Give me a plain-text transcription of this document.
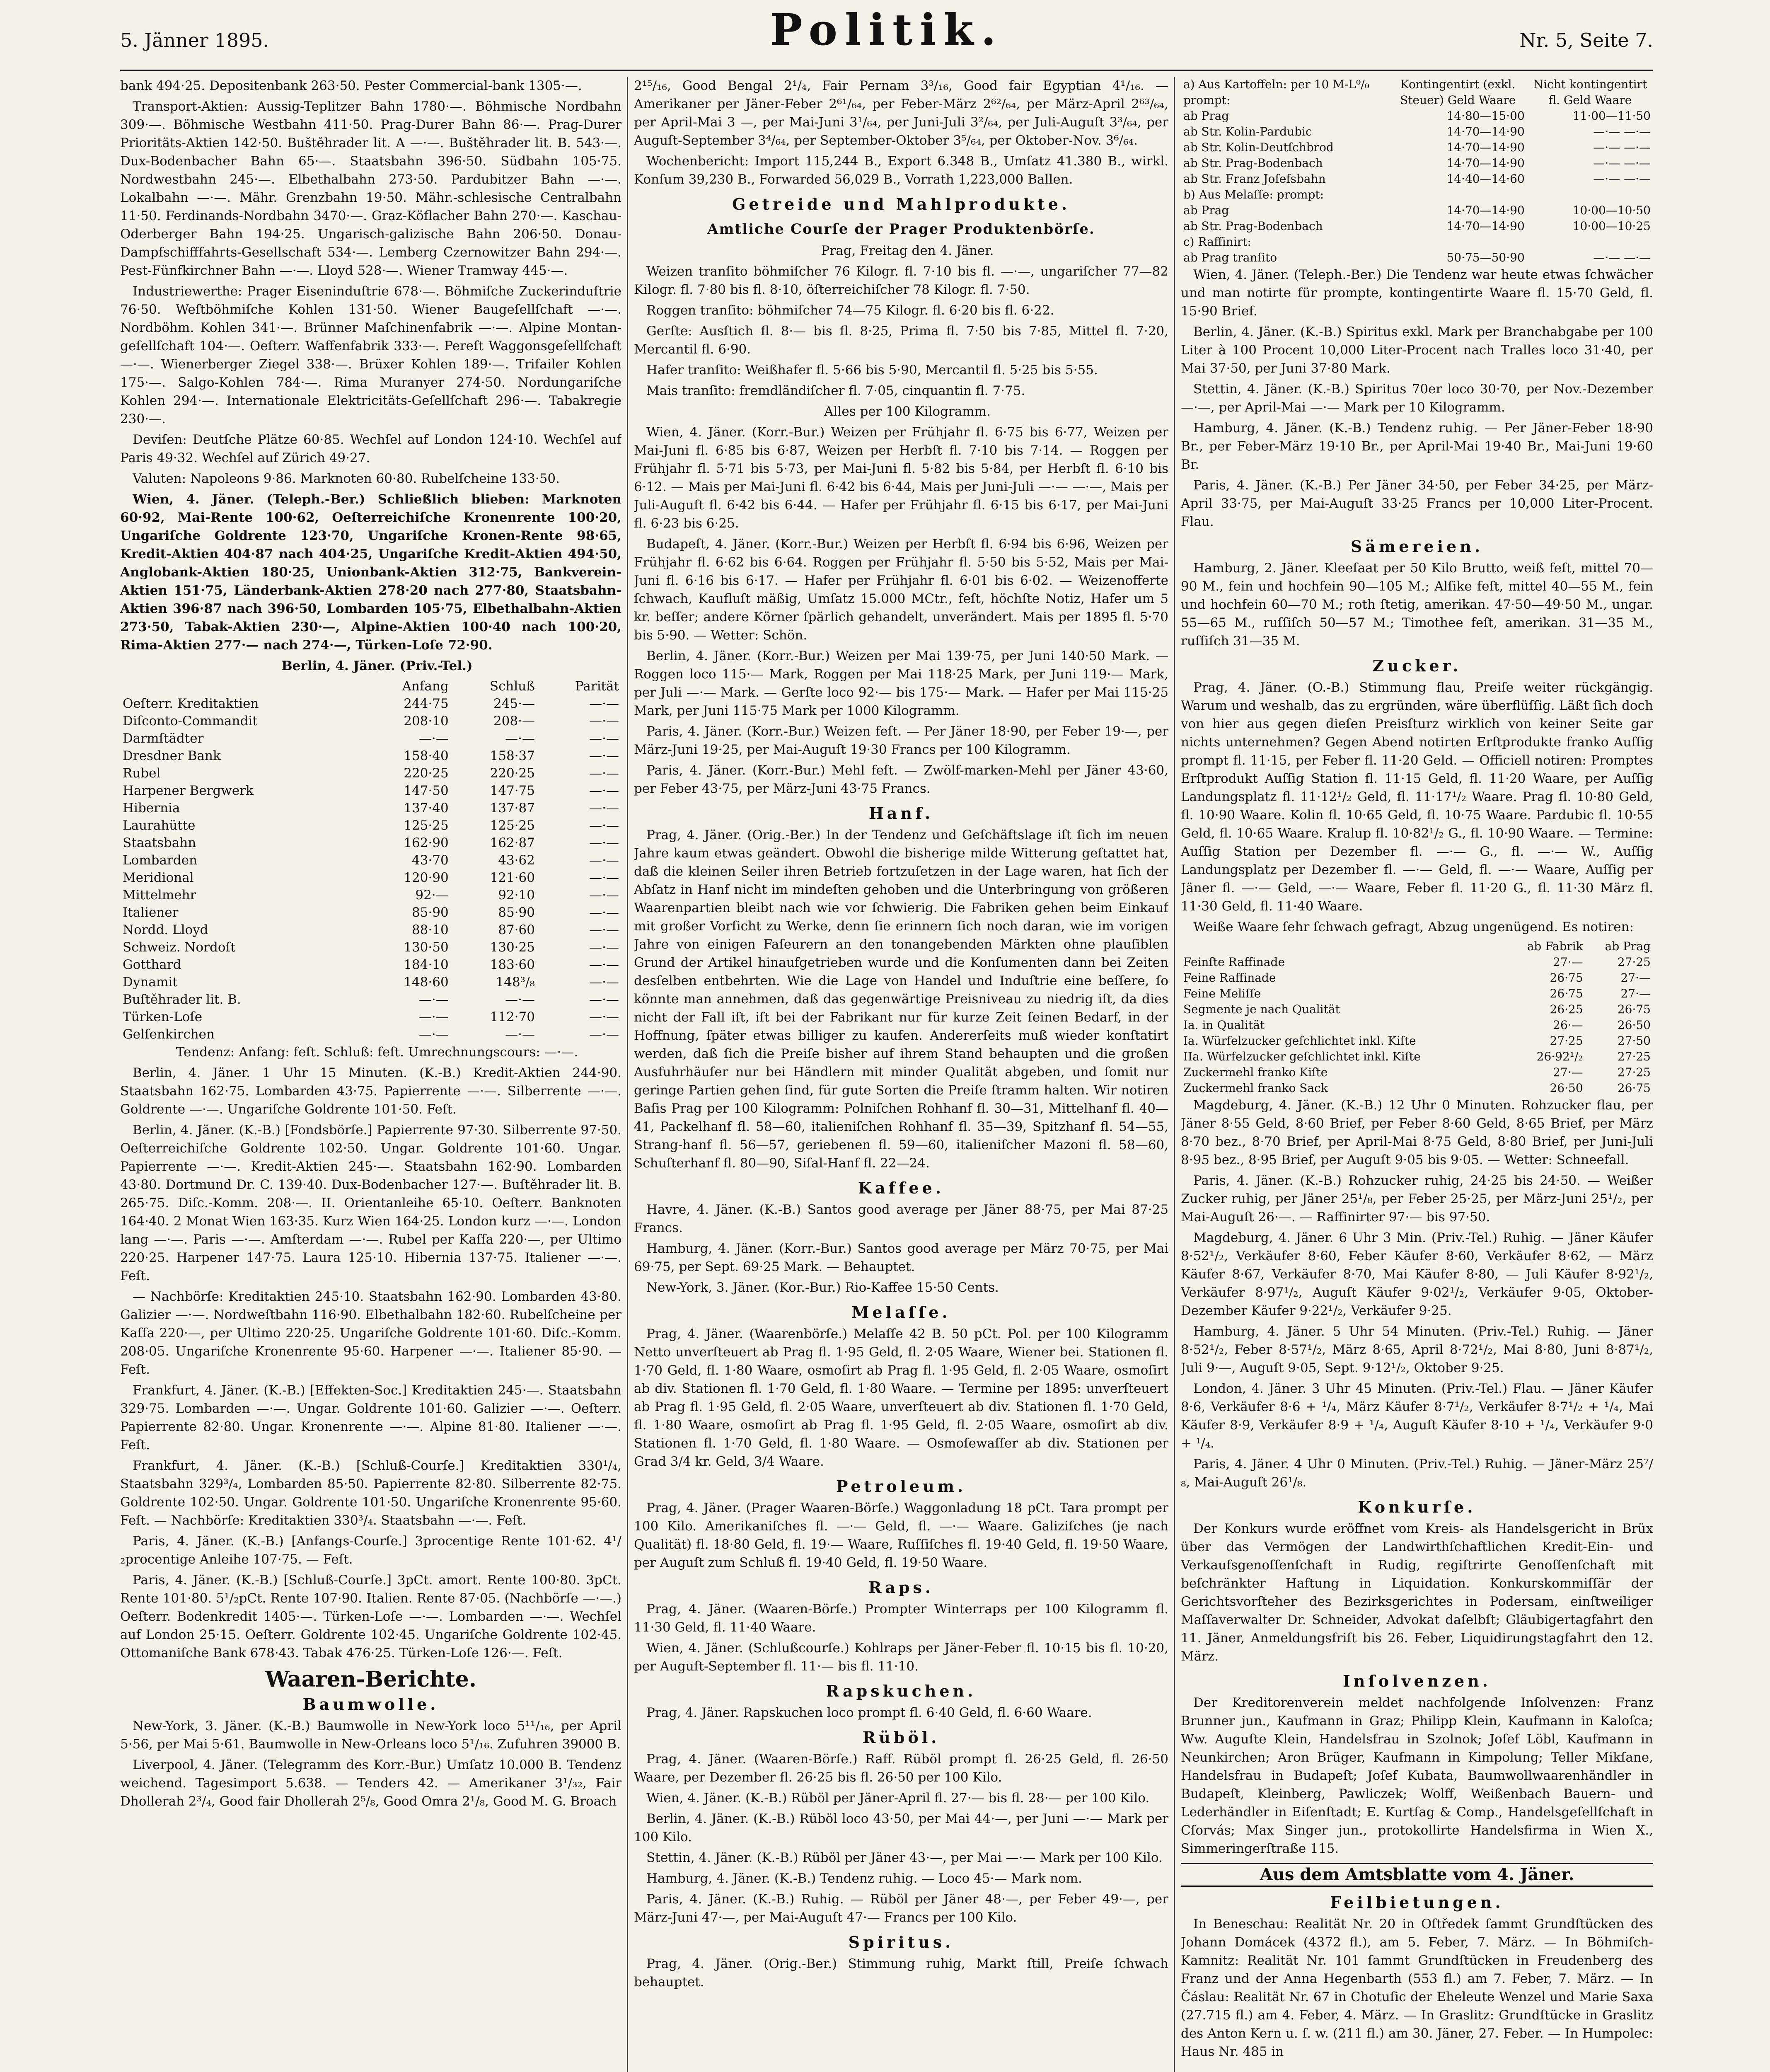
5. Jänner 1895.	Politik.	Nr. 5, Seite 7.

bank 494·25. Depositenbank 263·50. Pester Commercial-bank 1305·—.

Transport-Aktien: Aussig-Teplitzer Bahn 1780·—. Böhmische Nordbahn 309·—. Böhmische Westbahn 411·50. Prag-Durer Bahn 86·—. Prag-Durer Prioritäts-Aktien 142·50. Buštěhrader lit. A —·—. Buštěhrader lit. B. 543·—. Dux-Bodenbacher Bahn 65·—. Staatsbahn 396·50. Südbahn 105·75. Nordwestbahn 245·—. Elbethalbahn 273·50. Pardubitzer Bahn —·—. Lokalbahn —·—. Mähr. Grenzbahn 19·50. Mähr.-schlesische Centralbahn 11·50. Ferdinands-Nordbahn 3470·—. Graz-Köflacher Bahn 270·—. Kaschau-Oderberger Bahn 194·25. Ungarisch-galizische Bahn 206·50. Donau-Dampfschifffahrts-Gesellschaft 534·—. Lemberg Czernowitzer Bahn 294·—. Pest-Fünfkirchner Bahn —·—. Lloyd 528·—. Wiener Tramway 445·—.

Industriewerthe: Prager Eiseninduſtrie 678·—. Böhmiſche Zuckerinduſtrie 76·50. Weſtböhmiſche Kohlen 131·50. Wiener Baugeſellſchaft —·—. Nordböhm. Kohlen 341·—. Brünner Maſchinenfabrik —·—. Alpine Montan-geſellſchaft 104·—. Oeſterr. Waffenfabrik 333·—. Pereſt Waggonsgeſellſchaft —·—. Wienerberger Ziegel 338·—. Brüxer Kohlen 189·—. Trifailer Kohlen 175·—. Salgo-Kohlen 784·—. Rima Muranyer 274·50. Nordungariſche Kohlen 294·—. Internationale Elektricitäts-Geſellſchaft 296·—. Tabakregie 230·—.

Deviſen: Deutſche Plätze 60·85. Wechſel auf London 124·10. Wechſel auf Paris 49·32. Wechſel auf Zürich 49·27.

Valuten: Napoleons 9·86. Marknoten 60·80. Rubelſcheine 133·50.

Wien, 4. Jäner. (Teleph.-Ber.) Schließlich blieben: Marknoten 60·92, Mai-Rente 100·62, Oeſterreichiſche Kronenrente 100·20, Ungariſche Goldrente 123·70, Ungariſche Kronen-Rente 98·65, Kredit-Aktien 404·87 nach 404·25, Ungariſche Kredit-Aktien 494·50, Anglobank-Aktien 180·25, Unionbank-Aktien 312·75, Bankverein-Aktien 151·75, Länderbank-Aktien 278·20 nach 277·80, Staatsbahn-Aktien 396·87 nach 396·50, Lombarden 105·75, Elbethalbahn-Aktien 273·50, Tabak-Aktien 230·—, Alpine-Aktien 100·40 nach 100·20, Rima-Aktien 277·— nach 274·—, Türken-Loſe 72·90.

Berlin, 4. Jäner. (Priv.-Tel.)

	Anfang	Schluß	Parität
Oeſterr. Kreditaktien	244·75	245·—	—·—
Diſconto-Commandit	208·10	208·—	—·—
Darmſtädter	—·—	—·—	—·—
Dresdner Bank	158·40	158·37	—·—
Rubel	220·25	220·25	—·—
Harpener Bergwerk	147·50	147·75	—·—
Hibernia	137·40	137·87	—·—
Laurahütte	125·25	125·25	—·—
Staatsbahn	162·90	162·87	—·—
Lombarden	43·70	43·62	—·—
Meridional	120·90	121·60	—·—
Mittelmehr	92·—	92·10	—·—
Italiener	85·90	85·90	—·—
Nordd. Lloyd	88·10	87·60	—·—
Schweiz. Nordoſt	130·50	130·25	—·—
Gotthard	184·10	183·60	—·—
Dynamit	148·60	148³/₈	—·—
Buſtěhrader lit. B.	—·—	—·—	—·—
Türken-Loſe	—·—	112·70	—·—
Gelſenkirchen	—·—	—·—	—·—

Tendenz: Anfang: feſt. Schluß: feſt. Umrechnungscours: —·—.

Berlin, 4. Jäner. 1 Uhr 15 Minuten. (K.-B.) Kredit-Aktien 244·90. Staatsbahn 162·75. Lombarden 43·75. Papierrente —·—. Silberrente —·—. Goldrente —·—. Ungariſche Goldrente 101·50. Feſt.

Berlin, 4. Jäner. (K.-B.) [Fondsbörſe.] Papierrente 97·30. Silberrente 97·50. Oeſterreichiſche Goldrente 102·50. Ungar. Goldrente 101·60. Ungar. Papierrente —·—. Kredit-Aktien 245·—. Staatsbahn 162·90. Lombarden 43·80. Dortmund Dr. C. 139·40. Dux-Bodenbacher 127·—. Buſtěhrader lit. B. 265·75. Diſc.-Komm. 208·—. II. Orientanleihe 65·10. Oeſterr. Banknoten 164·40. 2 Monat Wien 163·35. Kurz Wien 164·25. London kurz —·—. London lang —·—. Paris —·—. Amſterdam —·—. Rubel per Kaſſa 220·—, per Ultimo 220·25. Harpener 147·75. Laura 125·10. Hibernia 137·75. Italiener —·—. Feſt.

— Nachbörſe: Kreditaktien 245·10. Staatsbahn 162·90. Lombarden 43·80. Galizier —·—. Nordweſtbahn 116·90. Elbethalbahn 182·60. Rubelſcheine per Kaſſa 220·—, per Ultimo 220·25. Ungariſche Goldrente 101·60. Diſc.-Komm. 208·05. Ungariſche Kronenrente 95·60. Harpener —·—. Italiener 85·90. — Feſt.

Frankfurt, 4. Jäner. (K.-B.) [Effekten-Soc.] Kreditaktien 245·—. Staatsbahn 329·75. Lombarden —·—. Ungar. Goldrente 101·60. Galizier —·—. Oeſterr. Papierrente 82·80. Ungar. Kronenrente —·—. Alpine 81·80. Italiener —·—. Feſt.

Frankfurt, 4. Jäner. (K.-B.) [Schluß-Courſe.] Kreditaktien 330¹/₄, Staatsbahn 329³/₄, Lombarden 85·50. Papierrente 82·80. Silberrente 82·75. Goldrente 102·50. Ungar. Goldrente 101·50. Ungariſche Kronenrente 95·60. Feſt. — Nachbörſe: Kreditaktien 330³/₄. Staatsbahn —·—. Feſt.

Paris, 4. Jäner. (K.-B.) [Anfangs-Courſe.] 3procentige Rente 101·62. 4¹/₂procentige Anleihe 107·75. — Feſt.

Paris, 4. Jäner. (K.-B.) [Schluß-Courſe.] 3pCt. amort. Rente 100·80. 3pCt. Rente 101·80. 5¹/₂pCt. Rente 107·90. Italien. Rente 87·05. (Nachbörſe —·—.) Oeſterr. Bodenkredit 1405·—. Türken-Loſe —·—. Lombarden —·—. Wechſel auf London 25·15. Oeſterr. Goldrente 102·45. Ungariſche Goldrente 102·45. Ottomaniſche Bank 678·43. Tabak 476·25. Türken-Loſe 126·—. Feſt.

Waaren-Berichte.
Baumwolle.

New-York, 3. Jäner. (K.-B.) Baumwolle in New-York loco 5¹¹/₁₆, per April 5·56, per Mai 5·61. Baumwolle in New-Orleans loco 5¹/₁₆. Zufuhren 39000 B.

Liverpool, 4. Jäner. (Telegramm des Korr.-Bur.) Umſatz 10.000 B. Tendenz weichend. Tagesimport 5.638. — Tenders 42. — Amerikaner 3¹/₃₂, Fair Dhollerah 2³/₄, Good fair Dhollerah 2⁵/₈, Good Omra 2¹/₈, Good M. G. Broach

2¹⁵/₁₆, Good Bengal 2¹/₄, Fair Pernam 3³/₁₆, Good fair Egyptian 4¹/₁₆. — Amerikaner per Jäner-Feber 2⁶¹/₆₄, per Feber-März 2⁶²/₆₄, per März-April 2⁶³/₆₄, per April-Mai 3 —, per Mai-Juni 3¹/₆₄, per Juni-Juli 3²/₆₄, per Juli-Auguſt 3³/₆₄, per Auguſt-September 3⁴/₆₄, per September-Oktober 3⁵/₆₄, per Oktober-Nov. 3⁶/₆₄.

Wochenbericht: Import 115,244 B., Export 6.348 B., Umſatz 41.380 B., wirkl. Konſum 39,230 B., Forwarded 56,029 B., Vorrath 1,223,000 Ballen.

Getreide und Mahlprodukte.
Amtliche Courſe der Prager Produktenbörſe.

Prag, Freitag den 4. Jäner.

Weizen tranſito böhmiſcher 76 Kilogr. fl. 7·10 bis fl. —·—, ungariſcher 77—82 Kilogr. fl. 7·80 bis fl. 8·10, öſterreichiſcher 78 Kilogr. fl. 7·50.

Roggen tranſito: böhmiſcher 74—75 Kilogr. fl. 6·20 bis fl. 6·22.

Gerſte: Ausſtich fl. 8·— bis fl. 8·25, Prima fl. 7·50 bis 7·85, Mittel fl. 7·20, Mercantil fl. 6·90.

Hafer tranſito: Weißhafer fl. 5·66 bis 5·90, Mercantil fl. 5·25 bis 5·55.

Mais tranſito: fremdländiſcher fl. 7·05, cinquantin fl. 7·75.

Alles per 100 Kilogramm.

Wien, 4. Jäner. (Korr.-Bur.) Weizen per Frühjahr fl. 6·75 bis 6·77, Weizen per Mai-Juni fl. 6·85 bis 6·87, Weizen per Herbſt fl. 7·10 bis 7·14. — Roggen per Frühjahr fl. 5·71 bis 5·73, per Mai-Juni fl. 5·82 bis 5·84, per Herbſt fl. 6·10 bis 6·12. — Mais per Mai-Juni fl. 6·42 bis 6·44, Mais per Juni-Juli —·— —·—, Mais per Juli-Auguſt fl. 6·42 bis 6·44. — Hafer per Frühjahr fl. 6·15 bis 6·17, per Mai-Juni fl. 6·23 bis 6·25.

Budapeſt, 4. Jäner. (Korr.-Bur.) Weizen per Herbſt fl. 6·94 bis 6·96, Weizen per Frühjahr fl. 6·62 bis 6·64. Roggen per Frühjahr fl. 5·50 bis 5·52, Mais per Mai-Juni fl. 6·16 bis 6·17. — Hafer per Frühjahr fl. 6·01 bis 6·02. — Weizenofferte ſchwach, Kaufluſt mäßig, Umſatz 15.000 MCtr., feſt, höchſte Notiz, Hafer um 5 kr. beſſer; andere Körner ſpärlich gehandelt, unverändert. Mais per 1895 fl. 5·70 bis 5·90. — Wetter: Schön.

Berlin, 4. Jäner. (Korr.-Bur.) Weizen per Mai 139·75, per Juni 140·50 Mark. — Roggen loco 115·— Mark, Roggen per Mai 118·25 Mark, per Juni 119·— Mark, per Juli —·— Mark. — Gerſte loco 92·— bis 175·— Mark. — Hafer per Mai 115·25 Mark, per Juni 115·75 Mark per 1000 Kilogramm.

Paris, 4. Jäner. (Korr.-Bur.) Weizen feſt. — Per Jäner 18·90, per Feber 19·—, per März-Juni 19·25, per Mai-Auguſt 19·30 Francs per 100 Kilogramm.

Paris, 4. Jäner. (Korr.-Bur.) Mehl feſt. — Zwölf-marken-Mehl per Jäner 43·60, per Feber 43·75, per März-Juni 43·75 Francs.

Hanf.

Prag, 4. Jäner. (Orig.-Ber.) In der Tendenz und Geſchäftslage iſt ſich im neuen Jahre kaum etwas geändert. Obwohl die bisherige milde Witterung geſtattet hat, daß die kleinen Seiler ihren Betrieb fortzuſetzen in der Lage waren, hat ſich der Abſatz in Hanf nicht im mindeſten gehoben und die Unterbringung von größeren Waarenpartien bleibt nach wie vor ſchwierig. Die Fabriken gehen beim Einkauf mit großer Vorſicht zu Werke, denn ſie erinnern ſich noch daran, wie im vorigen Jahre von einigen Faſeurern an den tonangebenden Märkten ohne plauſiblen Grund der Artikel hinaufgetrieben wurde und die Konſumenten dann bei Zeiten desſelben entbehrten. Wie die Lage von Handel und Induſtrie eine beſſere, ſo könnte man annehmen, daß das gegenwärtige Preisniveau zu niedrig iſt, da dies nicht der Fall iſt, iſt bei der Fabrikant nur für kurze Zeit ſeinen Bedarf, in der Hoffnung, ſpäter etwas billiger zu kaufen. Andererſeits muß wieder konſtatirt werden, daß ſich die Preiſe bisher auf ihrem Stand behaupten und die großen Ausfuhrhäuſer nur bei Händlern mit minder Qualität abgeben, und ſomit nur geringe Partien gehen ſind, für gute Sorten die Preiſe ſtramm halten. Wir notiren Baſis Prag per 100 Kilogramm: Polniſchen Rohhanf fl. 30—31, Mittelhanf fl. 40—41, Packelhanf fl. 58—60, italieniſchen Rohhanf fl. 35—39, Spitzhanf fl. 54—55, Strang-hanf fl. 56—57, geriebenen fl. 59—60, italieniſcher Mazoni fl. 58—60, Schuſterhanf fl. 80—90, Siſal-Hanf fl. 22—24.

Kaffee.

Havre, 4. Jäner. (K.-B.) Santos good average per Jäner 88·75, per Mai 87·25 Francs.

Hamburg, 4. Jäner. (Korr.-Bur.) Santos good average per März 70·75, per Mai 69·75, per Sept. 69·25 Mark. — Behauptet.

New-York, 3. Jäner. (Kor.-Bur.) Rio-Kaffee 15·50 Cents.

Melaſſe.

Prag, 4. Jäner. (Waarenbörſe.) Melaſſe 42 B. 50 pCt. Pol. per 100 Kilogramm Netto unverſteuert ab Prag fl. 1·95 Geld, fl. 2·05 Waare, Wiener bei. Stationen fl. 1·70 Geld, fl. 1·80 Waare, osmoſirt ab Prag fl. 1·95 Geld, fl. 2·05 Waare, osmoſirt ab div. Stationen fl. 1·70 Geld, fl. 1·80 Waare. — Termine per 1895: unverſteuert ab Prag fl. 1·95 Geld, fl. 2·05 Waare, unverſteuert ab div. Stationen fl. 1·70 Geld, fl. 1·80 Waare, osmoſirt ab Prag fl. 1·95 Geld, fl. 2·05 Waare, osmoſirt ab div. Stationen fl. 1·70 Geld, fl. 1·80 Waare. — Osmoſewaſſer ab div. Stationen per Grad 3/4 kr. Geld, 3/4 Waare.

Petroleum.

Prag, 4. Jäner. (Prager Waaren-Börſe.) Waggonladung 18 pCt. Tara prompt per 100 Kilo. Amerikaniſches fl. —·— Geld, fl. —·— Waare. Galiziſches (je nach Qualität) fl. 18·80 Geld, fl. 19·— Waare, Ruſſiſches fl. 19·40 Geld, fl. 19·50 Waare, per Auguſt zum Schluß fl. 19·40 Geld, fl. 19·50 Waare.

Raps.

Prag, 4. Jäner. (Waaren-Börſe.) Prompter Winterraps per 100 Kilogramm fl. 11·30 Geld, fl. 11·40 Waare.

Wien, 4. Jäner. (Schlußcourſe.) Kohlraps per Jäner-Feber fl. 10·15 bis fl. 10·20, per Auguſt-September fl. 11·— bis fl. 11·10.

Rapskuchen.

Prag, 4. Jäner. Rapskuchen loco prompt fl. 6·40 Geld, fl. 6·60 Waare.

Rüböl.

Prag, 4. Jäner. (Waaren-Börſe.) Raff. Rüböl prompt fl. 26·25 Geld, fl. 26·50 Waare, per Dezember fl. 26·25 bis fl. 26·50 per 100 Kilo.

Wien, 4. Jäner. (K.-B.) Rüböl per Jäner-April fl. 27·— bis fl. 28·— per 100 Kilo.

Berlin, 4. Jäner. (K.-B.) Rüböl loco 43·50, per Mai 44·—, per Juni —·— Mark per 100 Kilo.

Stettin, 4. Jäner. (K.-B.) Rüböl per Jäner 43·—, per Mai —·— Mark per 100 Kilo.

Hamburg, 4. Jäner. (K.-B.) Tendenz ruhig. — Loco 45·— Mark nom.

Paris, 4. Jäner. (K.-B.) Ruhig. — Rüböl per Jäner 48·—, per Feber 49·—, per März-Juni 47·—, per Mai-Auguſt 47·— Francs per 100 Kilo.

Spiritus.

Prag, 4. Jäner. (Orig.-Ber.) Stimmung ruhig, Markt ſtill, Preiſe ſchwach behauptet.

a) Aus Kartoffeln: per 10 M-L⁰/₀ prompt:	Kontingentirt (exkl. Steuer) Geld Waare	Nicht kontingentirt fl. Geld Waare
ab Prag	14·80—15·00	11·00—11·50
ab Str. Kolin-Pardubic	14·70—14·90	—·— —·—
ab Str. Kolin-Deutſchbrod	14·70—14·90	—·— —·—
ab Str. Prag-Bodenbach	14·70—14·90	—·— —·—
ab Str. Franz Joſefsbahn	14·40—14·60	—·— —·—
b) Aus Melaſſe: prompt:		
ab Prag	14·70—14·90	10·00—10·50
ab Str. Prag-Bodenbach	14·70—14·90	10·00—10·25
c) Raffinirt:		
ab Prag tranſito	50·75—50·90	—·— —·—

Wien, 4. Jäner. (Teleph.-Ber.) Die Tendenz war heute etwas ſchwächer und man notirte für prompte, kontingentirte Waare fl. 15·70 Geld, fl. 15·90 Brief.

Berlin, 4. Jäner. (K.-B.) Spiritus exkl. Mark per Branchabgabe per 100 Liter à 100 Procent 10,000 Liter-Procent nach Tralles loco 31·40, per Mai 37·50, per Juni 37·80 Mark.

Stettin, 4. Jäner. (K.-B.) Spiritus 70er loco 30·70, per Nov.-Dezember —·—, per April-Mai —·— Mark per 10 Kilogramm.

Hamburg, 4. Jäner. (K.-B.) Tendenz ruhig. — Per Jäner-Feber 18·90 Br., per Feber-März 19·10 Br., per April-Mai 19·40 Br., Mai-Juni 19·60 Br.

Paris, 4. Jäner. (K.-B.) Per Jäner 34·50, per Feber 34·25, per März-April 33·75, per Mai-Auguſt 33·25 Francs per 10,000 Liter-Procent. Flau.

Sämereien.

Hamburg, 2. Jäner. Kleeſaat per 50 Kilo Brutto, weiß feſt, mittel 70—90 M., fein und hochfein 90—105 M.; Alſike feſt, mittel 40—55 M., fein und hochfein 60—70 M.; roth ſtetig, amerikan. 47·50—49·50 M., ungar. 55—65 M., ruſſiſch 50—57 M.; Timothee feſt, amerikan. 31—35 M., ruſſiſch 31—35 M.

Zucker.

Prag, 4. Jäner. (O.-B.) Stimmung flau, Preiſe weiter rückgängig. Warum und weshalb, das zu ergründen, wäre überflüſſig. Läßt ſich doch von hier aus gegen dieſen Preisſturz wirklich von keiner Seite gar nichts unternehmen? Gegen Abend notirten Erſtprodukte franko Auſſig prompt fl. 11·15, per Feber fl. 11·20 Geld. — Officiell notiren: Promptes Erſtprodukt Auſſig Station fl. 11·15 Geld, fl. 11·20 Waare, per Auſſig Landungsplatz fl. 11·12¹/₂ Geld, fl. 11·17¹/₂ Waare. Prag fl. 10·80 Geld, fl. 10·90 Waare. Kolin fl. 10·65 Geld, fl. 10·75 Waare. Pardubic fl. 10·55 Geld, fl. 10·65 Waare. Kralup fl. 10·82¹/₂ G., fl. 10·90 Waare. — Termine: Auſſig Station per Dezember fl. —·— G., fl. —·— W., Auſſig Landungsplatz per Dezember fl. —·— Geld, fl. —·— Waare, Auſſig per Jäner fl. —·— Geld, —·— Waare, Feber fl. 11·20 G., fl. 11·30 März fl. 11·30 Geld, fl. 11·40 Waare.

Weiße Waare ſehr ſchwach gefragt, Abzug ungenügend. Es notiren:

	ab Fabrik	ab Prag
Feinſte Raffinade	27·—	27·25
Feine Raffinade	26·75	27·—
Feine Meliſſe	26·75	27·—
Segmente je nach Qualität	26·25	26·75
Ia. in Qualität	26·—	26·50
Ia. Würfelzucker geſchlichtet inkl. Kiſte	27·25	27·50
IIa. Würfelzucker geſchlichtet inkl. Kiſte	26·92¹/₂	27·25
Zuckermehl franko Kiſte	27·—	27·25
Zuckermehl franko Sack	26·50	26·75

Magdeburg, 4. Jäner. (K.-B.) 12 Uhr 0 Minuten. Rohzucker flau, per Jäner 8·55 Geld, 8·60 Brief, per Feber 8·60 Geld, 8·65 Brief, per März 8·70 bez., 8·70 Brief, per April-Mai 8·75 Geld, 8·80 Brief, per Juni-Juli 8·95 bez., 8·95 Brief, per Auguſt 9·05 bis 9·05. — Wetter: Schneefall.

Paris, 4. Jäner. (K.-B.) Rohzucker ruhig, 24·25 bis 24·50. — Weißer Zucker ruhig, per Jäner 25¹/₈, per Feber 25·25, per März-Juni 25¹/₂, per Mai-Auguſt 26·—. — Raffinirter 97·— bis 97·50.

Magdeburg, 4. Jäner. 6 Uhr 3 Min. (Priv.-Tel.) Ruhig. — Jäner Käufer 8·52¹/₂, Verkäufer 8·60, Feber Käufer 8·60, Verkäufer 8·62, — März Käufer 8·67, Verkäufer 8·70, Mai Käufer 8·80, — Juli Käufer 8·92¹/₂, Verkäufer 8·97¹/₂, Auguſt Käufer 9·02¹/₂, Verkäufer 9·05, Oktober-Dezember Käufer 9·22¹/₂, Verkäufer 9·25.

Hamburg, 4. Jäner. 5 Uhr 54 Minuten. (Priv.-Tel.) Ruhig. — Jäner 8·52¹/₂, Feber 8·57¹/₂, März 8·65, April 8·72¹/₂, Mai 8·80, Juni 8·87¹/₂, Juli 9·—, Auguſt 9·05, Sept. 9·12¹/₂, Oktober 9·25.

London, 4. Jäner. 3 Uhr 45 Minuten. (Priv.-Tel.) Flau. — Jäner Käufer 8·6, Verkäufer 8·6 + ¹/₄, März Käufer 8·7¹/₂, Verkäufer 8·7¹/₂ + ¹/₄, Mai Käufer 8·9, Verkäufer 8·9 + ¹/₄, Auguſt Käufer 8·10 + ¹/₄, Verkäufer 9·0 + ¹/₄.

Paris, 4. Jäner. 4 Uhr 0 Minuten. (Priv.-Tel.) Ruhig. — Jäner-März 25⁷/₈, Mai-Auguſt 26¹/₈.

Konkurſe.

Der Konkurs wurde eröffnet vom Kreis- als Handelsgericht in Brüx über das Vermögen der Landwirthſchaftlichen Kredit-Ein- und Verkaufsgenoſſenſchaft in Rudig, regiſtrirte Genoſſenſchaft mit beſchränkter Haftung in Liquidation. Konkurskommiſſär der Gerichtsvorſteher des Bezirksgerichtes in Podersam, einſtweiliger Maſſaverwalter Dr. Schneider, Advokat daſelbſt; Gläubigertagfahrt den 11. Jäner, Anmeldungsfriſt bis 26. Feber, Liquidirungstagfahrt den 12. März.

Inſolvenzen.

Der Kreditorenverein meldet nachfolgende Inſolvenzen: Franz Brunner jun., Kaufmann in Graz; Philipp Klein, Kaufmann in Kaloſca; Ww. Auguſte Klein, Handelsfrau in Szolnok; Joſef Löbl, Kaufmann in Neunkirchen; Aron Brüger, Kaufmann in Kimpolung; Teller Mikſane, Handelsfrau in Budapeſt; Joſef Kubata, Baumwollwaarenhändler in Budapeſt, Kleinberg, Pawliczek; Wolff, Weißenbach Bauern- und Lederhändler in Eiſenſtadt; E. Kurtſag & Comp., Handelsgeſellſchaft in Cſorvás; Max Singer jun., protokollirte Handelsfirma in Wien X., Simmeringerſtraße 115.

Aus dem Amtsblatte vom 4. Jäner.
Feilbietungen.

In Beneschau: Realität Nr. 20 in Oſtředek ſammt Grundſtücken des Johann Domácek (4372 fl.), am 5. Feber, 7. März. — In Böhmiſch-Kamnitz: Realität Nr. 101 ſammt Grundſtücken in Freudenberg des Franz und der Anna Hegenbarth (553 fl.) am 7. Feber, 7. März. — In Čáslau: Realität Nr. 67 in Chotuſic der Eheleute Wenzel und Marie Saxa (27.715 fl.) am 4. Feber, 4. März. — In Graslitz: Grundſtücke in Graslitz des Anton Kern u. ſ. w. (211 fl.) am 30. Jäner, 27. Feber. — In Humpolec: Haus Nr. 485 in
